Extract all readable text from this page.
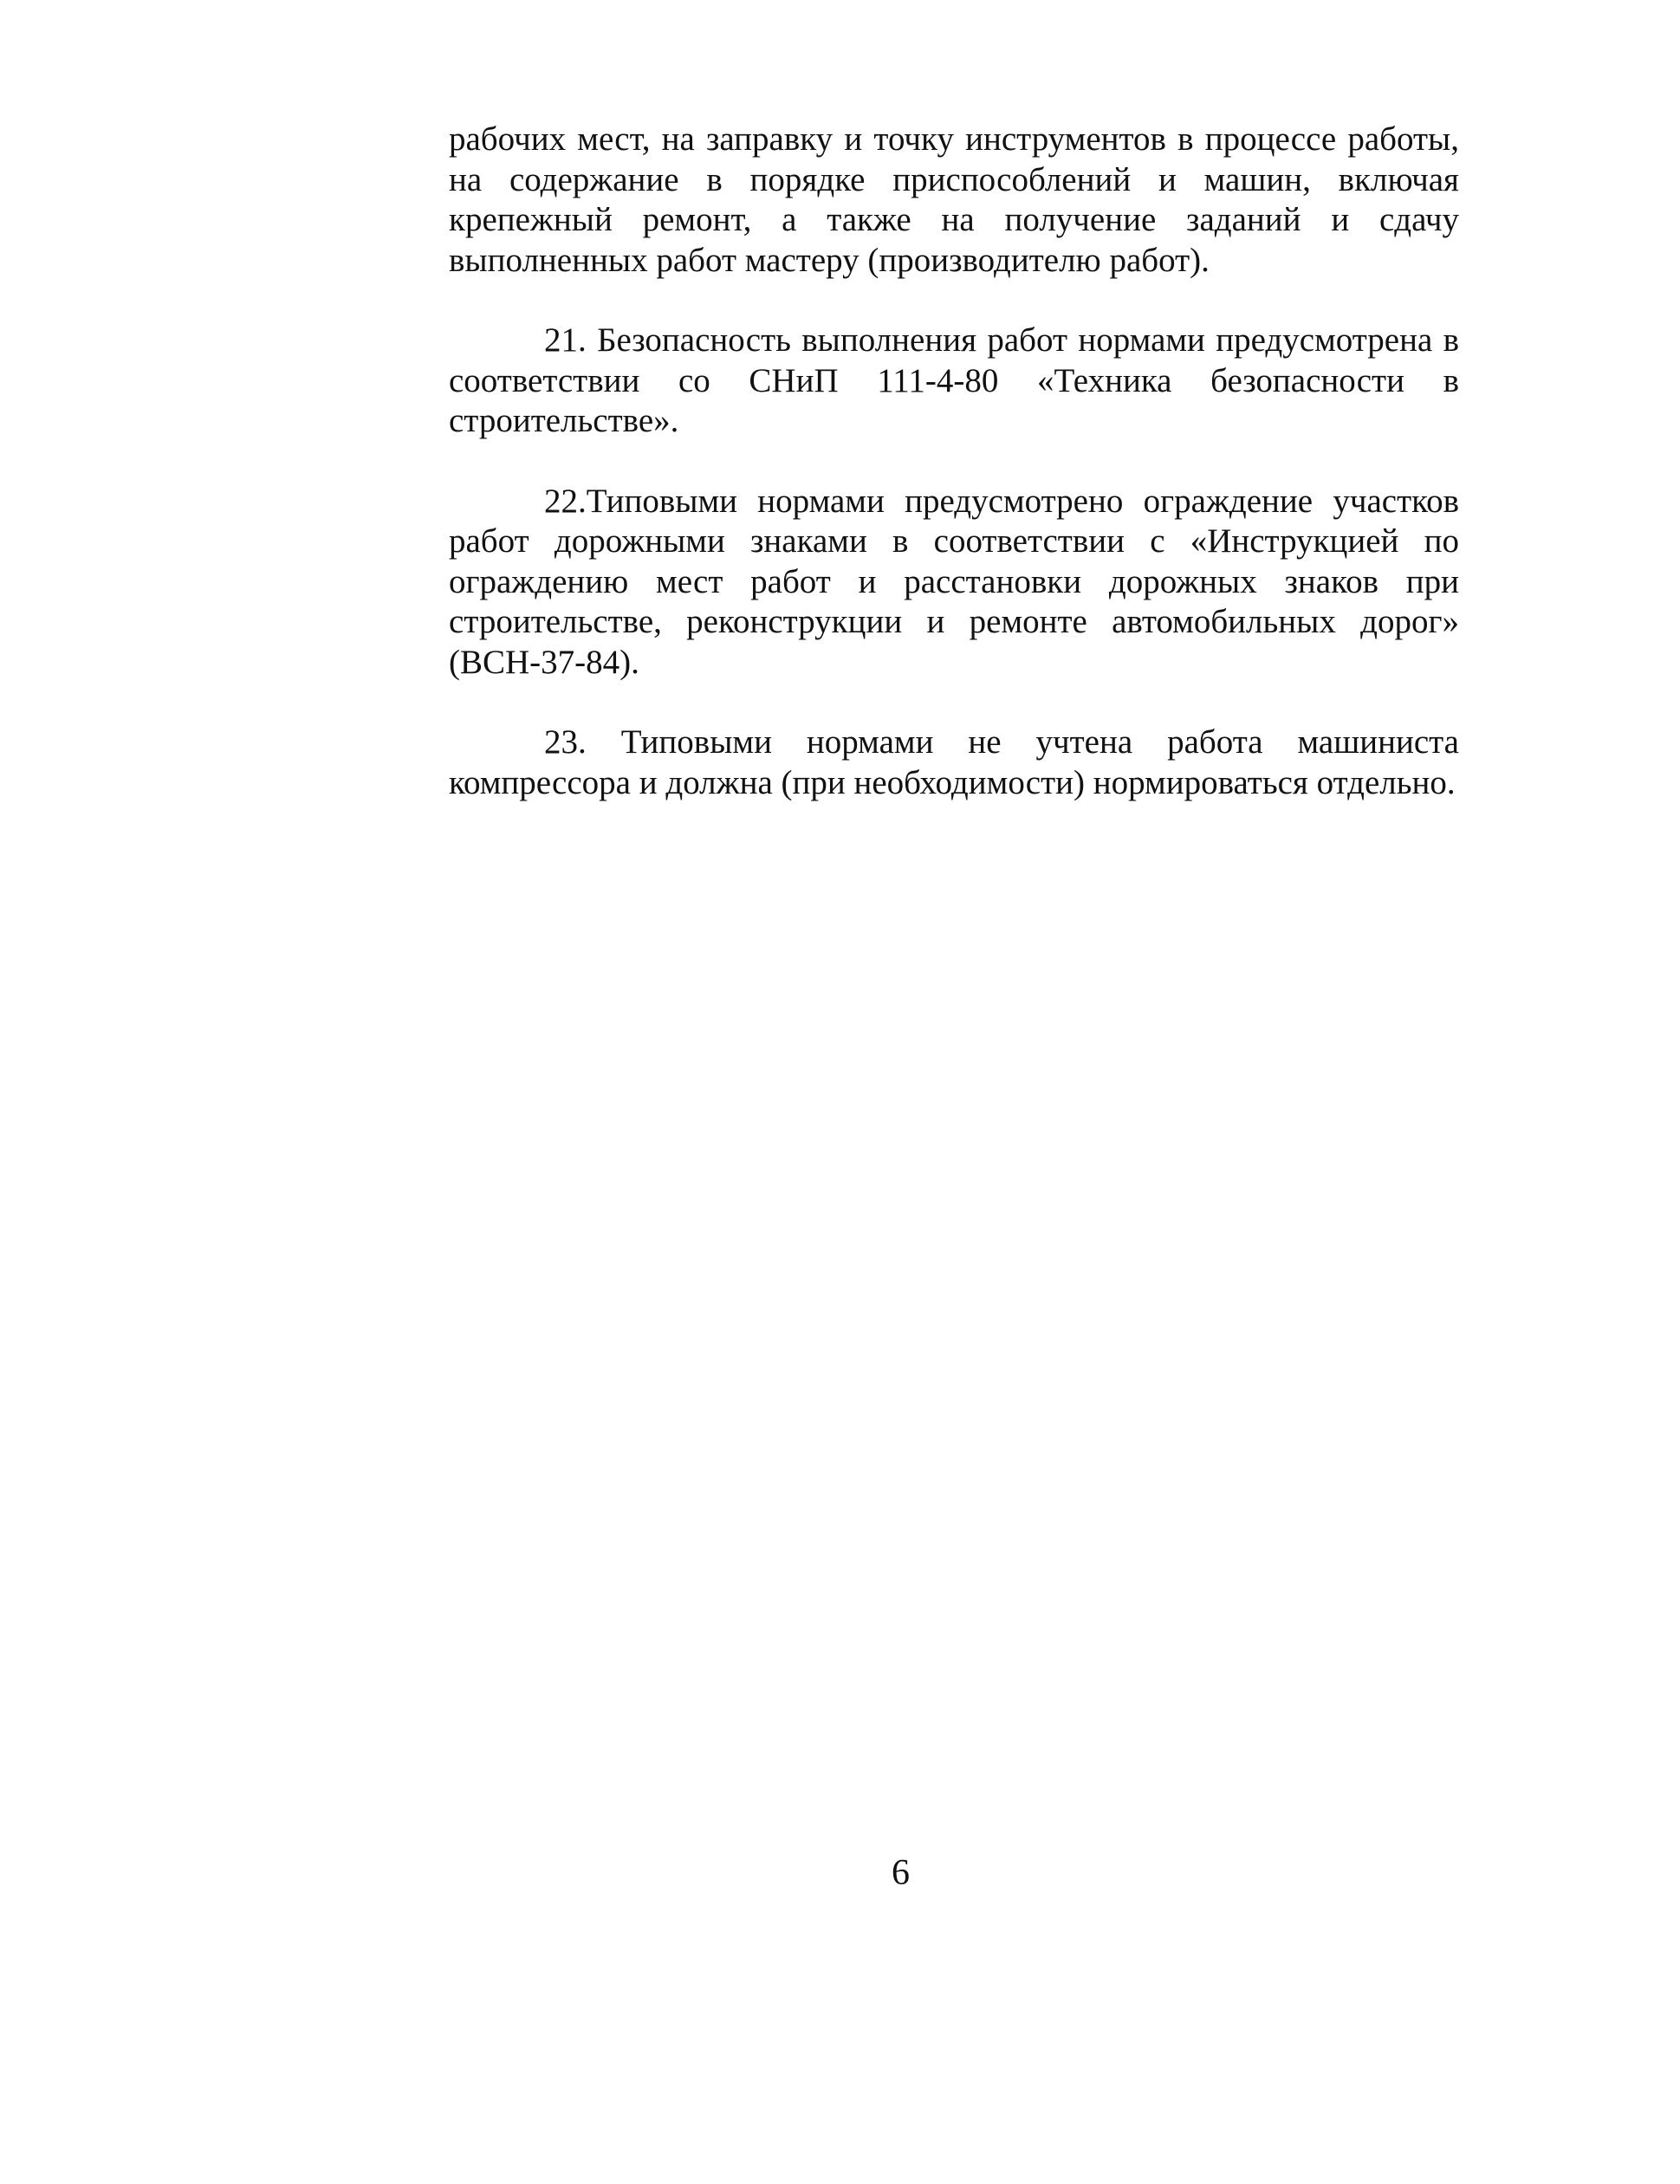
рабочих мест, на заправку и точку инструментов в процессе работы, на содержание в порядке приспособлений и машин, включая крепежный ремонт, а также на получение заданий и сдачу выполненных работ мастеру (производителю работ).

21. Безопасность выполнения работ нормами предусмотрена в соответствии со СНиП 111-4-80 «Техника безопасности в строительстве».

22.Типовыми нормами предусмотрено ограждение участков работ дорожными знаками в соответствии с «Инструкцией по ограждению мест работ и расстановки дорожных знаков при строительстве, реконструкции и ремонте автомобильных дорог» (ВСН-37-84).

23. Типовыми нормами не учтена работа машиниста компрессора и должна (при необходимости) нормироваться отдельно.

6
